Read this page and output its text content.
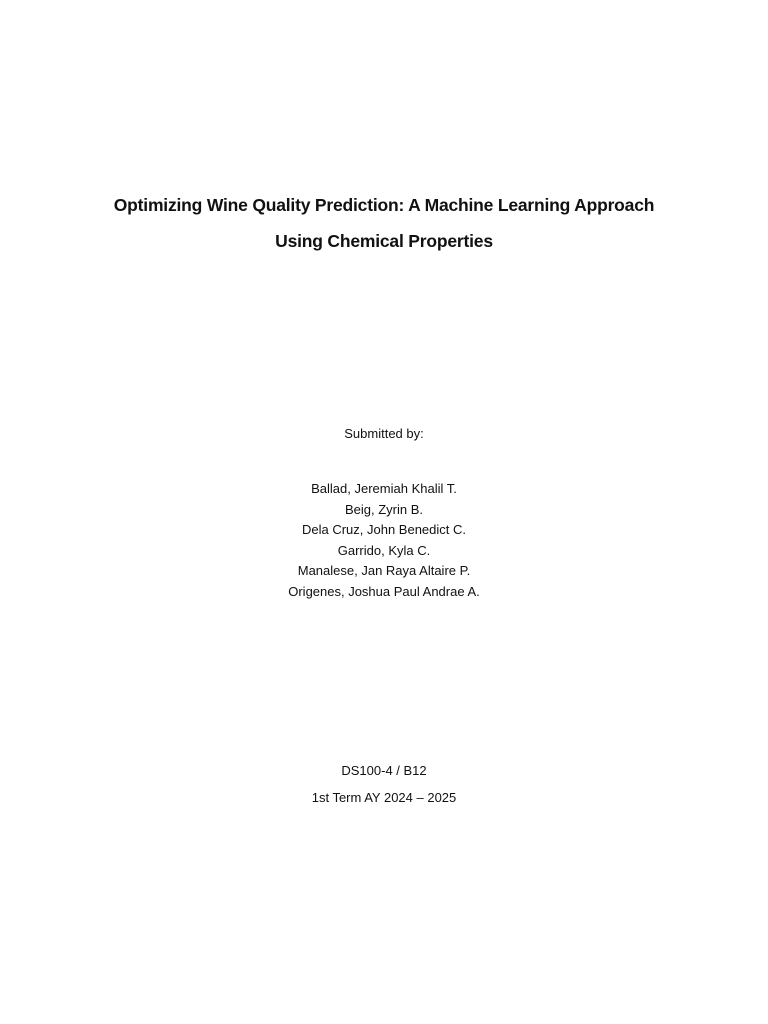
Optimizing Wine Quality Prediction: A Machine Learning Approach
Using Chemical Properties
Submitted by:
Ballad, Jeremiah Khalil T.
Beig, Zyrin B.
Dela Cruz, John Benedict C.
Garrido, Kyla C.
Manalese, Jan Raya Altaire P.
Origenes, Joshua Paul Andrae A.
DS100-4 / B12
1st Term AY 2024 – 2025
